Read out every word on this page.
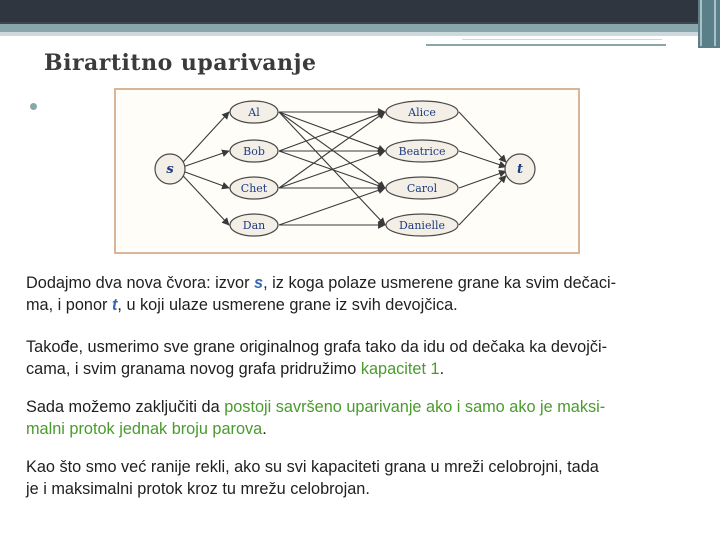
Birartitno uparivanje
s	t
Al
Bob
Chet
Dan
Alice
Beatrice
Carol
Danielle
Dodajmo dva nova čvora: izvor s, iz koga polaze usmerene grane ka svim dečaci-
ma, i ponor t, u koji ulaze usmerene grane iz svih devojčica.
Takođe, usmerimo sve grane originalnog grafa tako da idu od dečaka ka devojči-
cama, i svim granama novog grafa pridružimo kapacitet 1.
Sada možemo zaključiti da postoji savršeno uparivanje ako i samo ako je maksi-
malni protok jednak broju parova.
Kao što smo već ranije rekli, ako su svi kapaciteti grana u mreži celobrojni, tada
je i maksimalni protok kroz tu mrežu celobrojan.
